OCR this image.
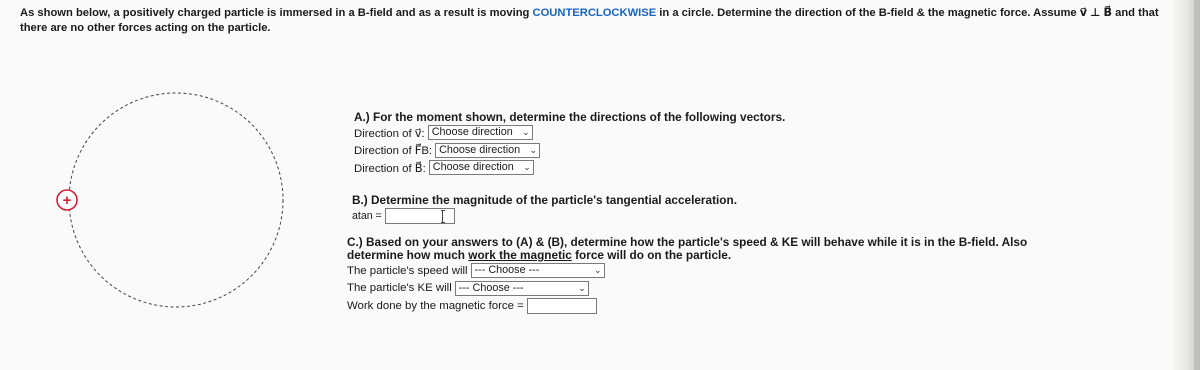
As shown below, a positively charged particle is immersed in a B-field and as a result is moving COUNTERCLOCKWISE in a circle. Determine the direction of the B-field & the magnetic force. Assume v⃗ ⊥ B⃗ and that there are no other forces acting on the particle.
+
A.) For the moment shown, determine the directions of the following vectors.
Direction of v⃗: Choose direction ⌄
Direction of F⃗B: Choose direction ⌄
Direction of B⃗: Choose direction ⌄
B.) Determine the magnitude of the particle's tangential acceleration.
atan =
C.) Based on your answers to (A) & (B), determine how the particle's speed & KE will behave while it is in the B-field. Also
determine how much work the magnetic force will do on the particle.
The particle's speed will --- Choose ---	⌄
The particle's KE will --- Choose ---	⌄
Work done by the magnetic force =
